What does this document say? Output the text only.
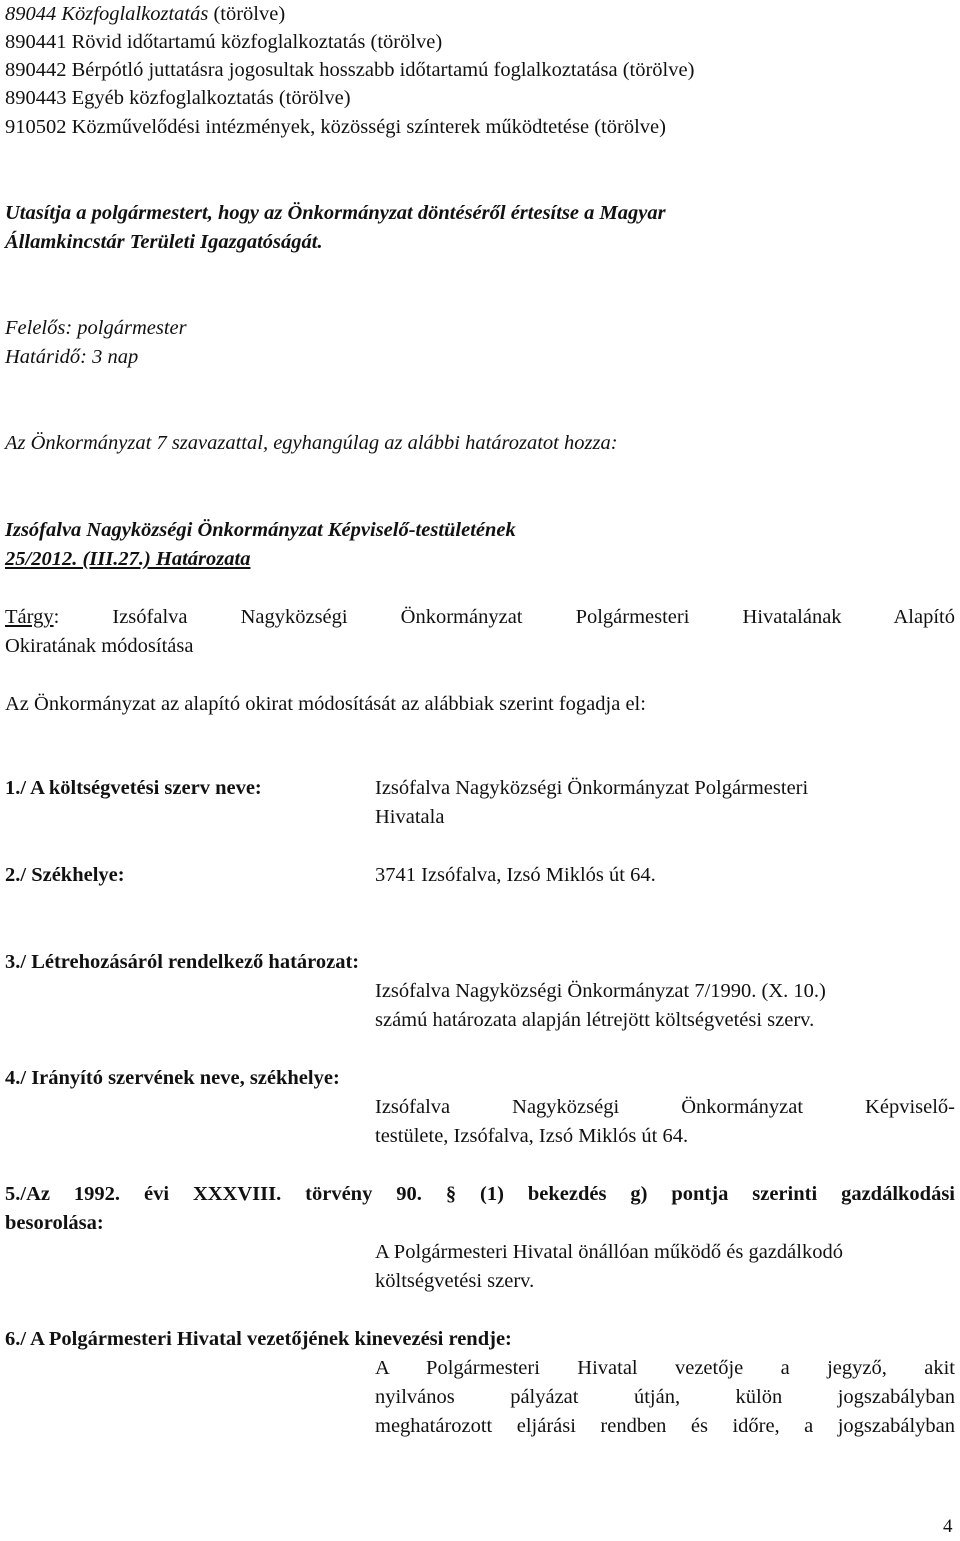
89044 Közfoglalkoztatás (törölve)
890441 Rövid időtartamú közfoglalkoztatás (törölve)
890442 Bérpótló juttatásra jogosultak hosszabb időtartamú foglalkoztatása (törölve)
890443 Egyéb közfoglalkoztatás (törölve)
910502 Közművelődési intézmények, közösségi színterek működtetése (törölve)
Utasítja a polgármestert, hogy az Önkormányzat döntéséről értesítse a Magyar
Államkincstár Területi Igazgatóságát.
Felelős: polgármester
Határidő: 3 nap
Az Önkormányzat 7 szavazattal, egyhangúlag az alábbi határozatot hozza:
Izsófalva Nagyközségi Önkormányzat Képviselő-testületének
25/2012. (III.27.) Határozata
Tárgy: Izsófalva Nagyközségi Önkormányzat Polgármesteri Hivatalának Alapító
Okiratának módosítása
Az Önkormányzat az alapító okirat módosítását az alábbiak szerint fogadja el:
1./ A költségvetési szerv neve:	Izsófalva Nagyközségi Önkormányzat Polgármesteri
Hivatala
2./ Székhelye:	3741 Izsófalva, Izsó Miklós út 64.
3./ Létrehozásáról rendelkező határozat:
Izsófalva Nagyközségi Önkormányzat 7/1990. (X. 10.)
számú határozata alapján létrejött költségvetési szerv.
4./ Irányító szervének neve, székhelye:
Izsófalva Nagyközségi Önkormányzat Képviselő-
testülete, Izsófalva, Izsó Miklós út 64.
5./Az 1992. évi XXXVIII. törvény 90. § (1) bekezdés g) pontja szerinti gazdálkodási
besorolása:
A Polgármesteri Hivatal önállóan működő és gazdálkodó
költségvetési szerv.
6./ A Polgármesteri Hivatal vezetőjének kinevezési rendje:
A Polgármesteri Hivatal vezetője a jegyző, akit
nyilvános pályázat útján, külön jogszabályban
meghatározott eljárási rendben és időre, a jogszabályban
4
